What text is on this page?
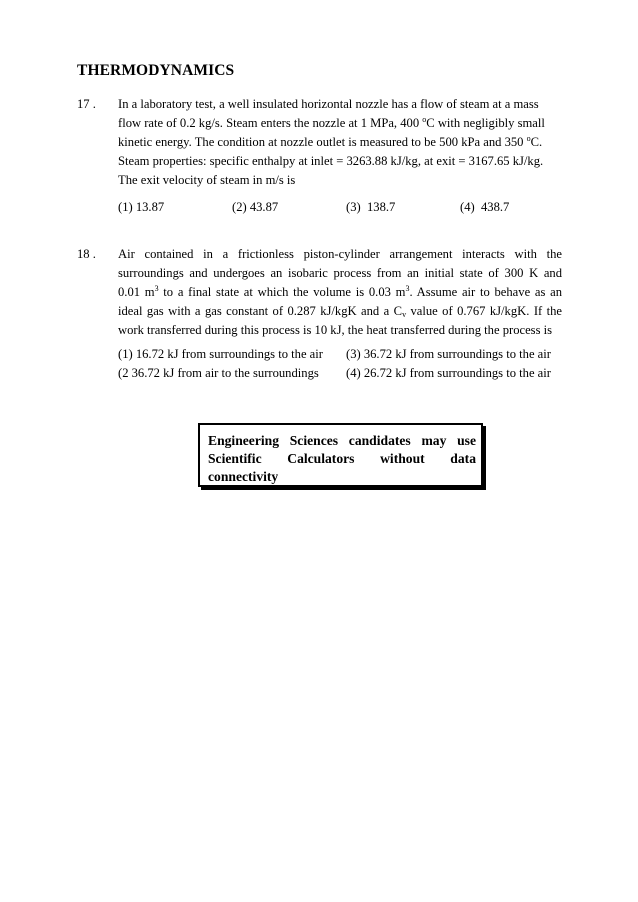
THERMODYNAMICS
17 . In a laboratory test, a well insulated horizontal nozzle has a flow of steam at a mass
flow rate of 0.2 kg/s. Steam enters the nozzle at 1 MPa, 400 $^o$C with negligibly small
kinetic energy. The condition at nozzle outlet is measured to be 500 kPa and 350 $^o$C.
Steam properties: specific enthalpy at inlet = 3263.88 kJ/kg, at exit = 3167.65 kJ/kg.
The exit velocity of steam in m/s is
(1) 13.87	(2) 43.87	(3)  138.7	(4)  438.7
18 . Air contained in a frictionless piston-cylinder arrangement interacts with the
surroundings and undergoes an isobaric process from an initial state of 300 K and
0.01 $m^3$ to a final state at which the volume is 0.03 $m^3$. Assume air to behave as an
ideal gas with a gas constant of 0.287 kJ/kgK and a $C_v$ value of 0.767 kJ/kgK. If the
work transferred during this process is 10 kJ, the heat transferred during the process is
(1) 16.72 kJ from surroundings to the air (3) 36.72 kJ from surroundings to the air
(2 36.72 kJ from air to the surroundings (4) 26.72 kJ from surroundings to the air
Engineering Sciences candidates may use Scientific Calculators without data connectivity
